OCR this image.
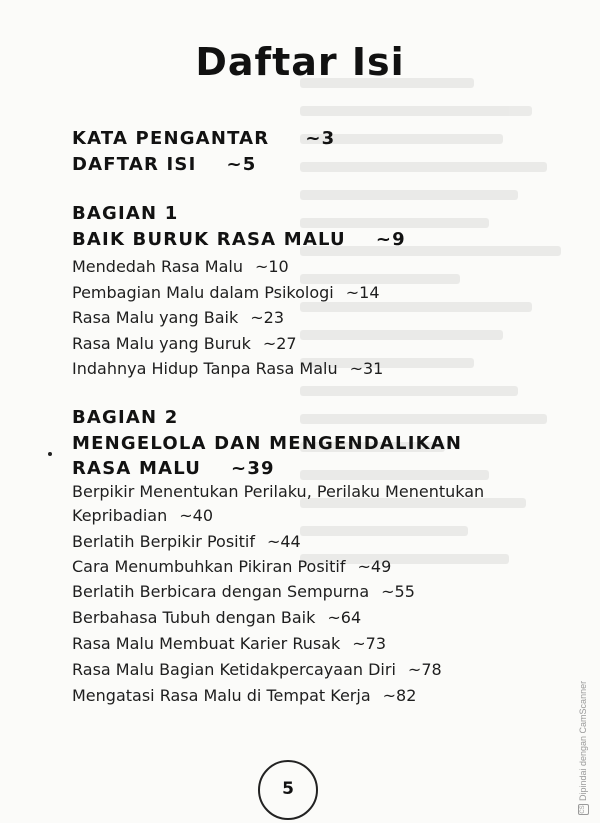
Daftar Isi
KATA PENGANTAR ~3
DAFTAR ISI ~5
BAGIAN 1
BAIK BURUK RASA MALU ~9
Mendedah Rasa Malu ~10
Pembagian Malu dalam Psikologi ~14
Rasa Malu yang Baik ~23
Rasa Malu yang Buruk ~27
Indahnya Hidup Tanpa Rasa Malu ~31
BAGIAN 2
MENGELOLA DAN MENGENDALIKAN
RASA MALU ~39
Berpikir Menentukan Perilaku, Perilaku Menentukan
Kepribadian ~40
Berlatih Berpikir Positif ~44
Cara Menumbuhkan Pikiran Positif ~49
Berlatih Berbicara dengan Sempurna ~55
Berbahasa Tubuh dengan Baik ~64
Rasa Malu Membuat Karier Rusak ~73
Rasa Malu Bagian Ketidakpercayaan Diri ~78
Mengatasi Rasa Malu di Tempat Kerja ~82
5
CSDipindai dengan CamScanner
